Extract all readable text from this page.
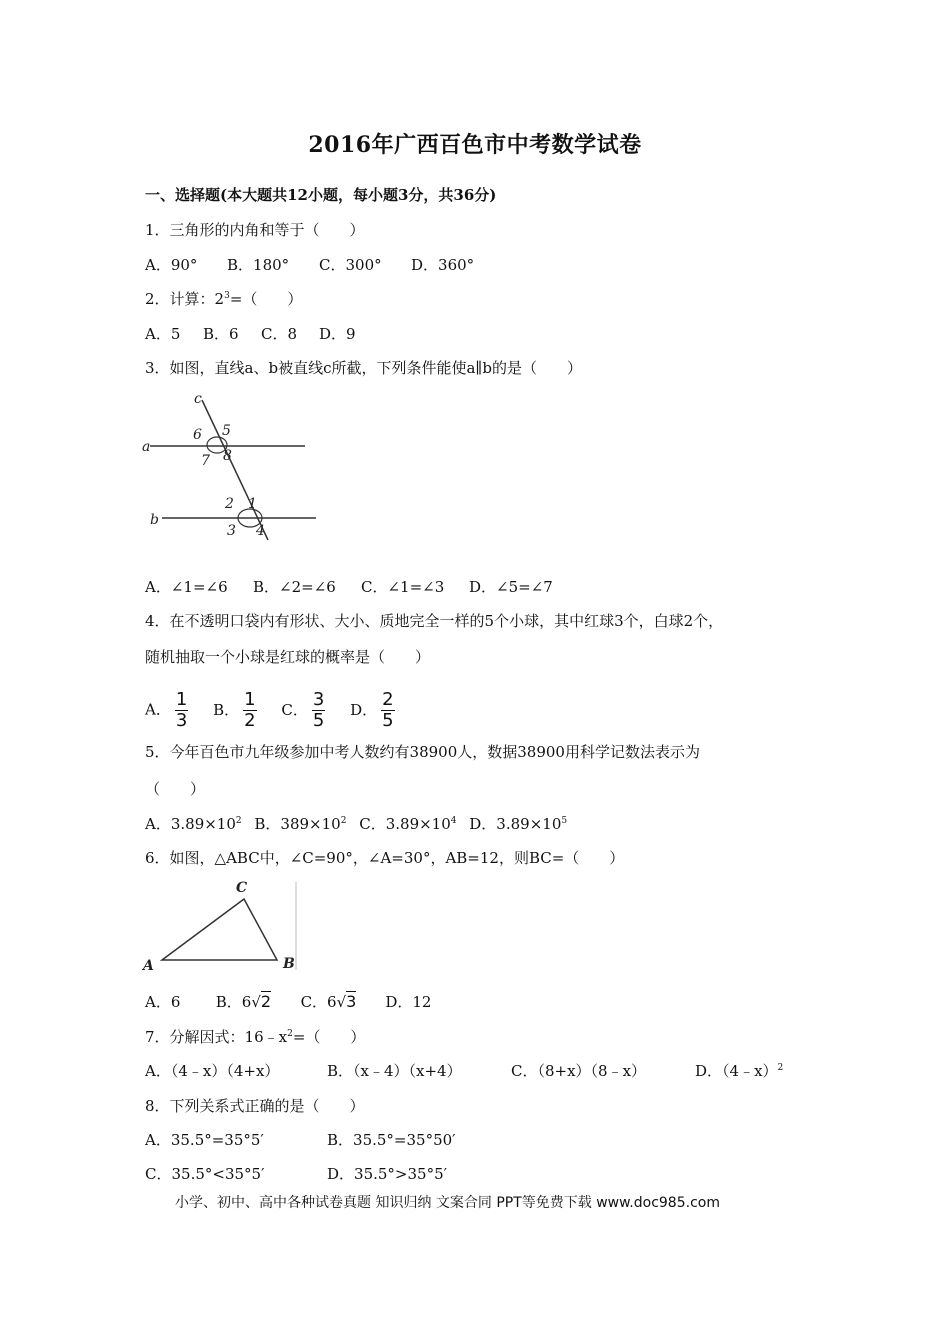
2016年广西百色市中考数学试卷
一、选择题(本大题共12小题，每小题3分，共36分)
1．三角形的内角和等于（　　）
A．90° B．180° C．300° D．360°
2．计算：$2^3=$（　　）
A．5 B．6 C．8 D．9
3．如图，直线a、b被直线c所截，下列条件能使a∥b的是（　　）
c
a
b
5
6
7 8
2 1
3 4
A．∠1=∠6 B．∠2=∠6 C．∠1=∠3 D．∠5=∠7
4．在不透明口袋内有形状、大小、质地完全一样的5个小球，其中红球3个，白球2个，
随机抽取一个小球是红球的概率是（　　）
A． $\frac{1}{3}$ B． $\frac{1}{2}$ C． $\frac{3}{5}$ D． $\frac{2}{5}$
5．今年百色市九年级参加中考人数约有38900人，数据38900用科学记数法表示为
（　　）
A．$3.89\times 10^2$ B．$389\times 10^2$ C．$3.89\times 10^4$ D．$3.89\times 10^5$
6．如图，△ABC中，∠C=90°，∠A=30°，AB=12，则BC=（　　）
C
A	B
A．6 B．6√2 C．6√3 D．12
7．分解因式：$16﹣x^2=$（　　）
A．（4﹣x）（4+x）	B．（x﹣4）（x+4）	C．（8+x）（8﹣x）	D．（4﹣x）$^2$
8．下列关系式正确的是（　　）
A．35.5°=35°5′	B．35.5°=35°50′
C．35.5°<35°5′	D．35.5°>35°5′
小学、初中、高中各种试卷真题 知识归纳 文案合同 PPT等免费下载 www.doc985.com
